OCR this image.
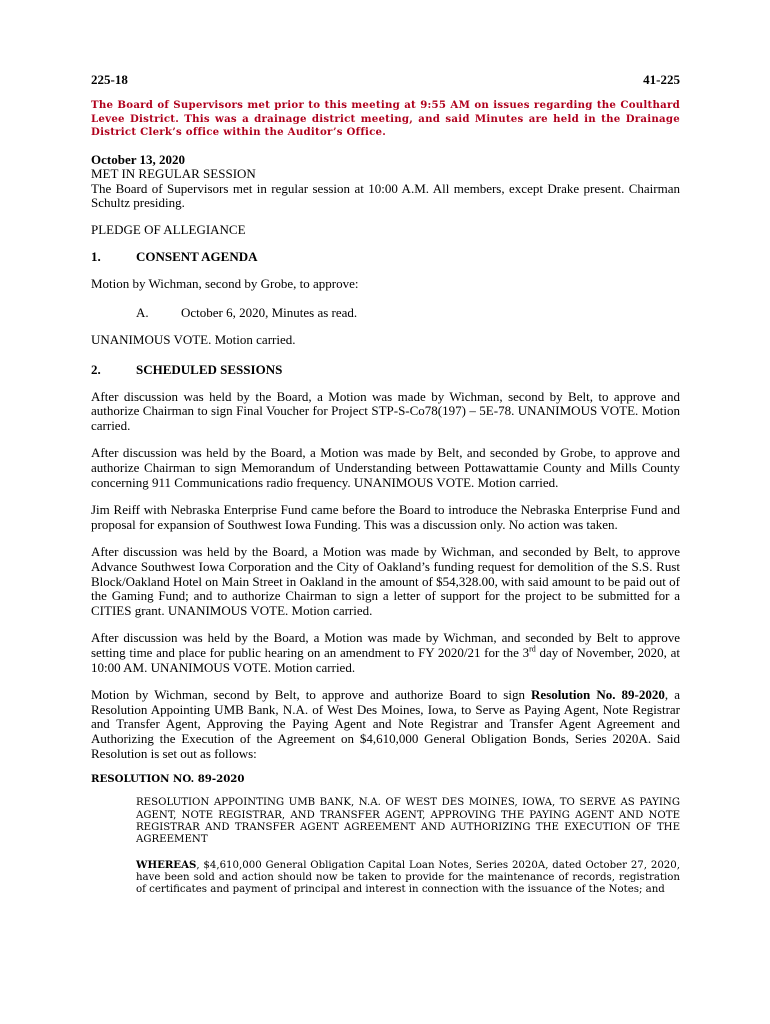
225-18	41-225
The Board of Supervisors met prior to this meeting at 9:55 AM on issues regarding the Coulthard Levee District. This was a drainage district meeting, and said Minutes are held in the Drainage District Clerk’s office within the Auditor’s Office.
October 13, 2020
MET IN REGULAR SESSION
The Board of Supervisors met in regular session at 10:00 A.M. All members, except Drake present. Chairman Schultz presiding.
PLEDGE OF ALLEGIANCE
1.	CONSENT AGENDA
Motion by Wichman, second by Grobe, to approve:
A.	October 6, 2020, Minutes as read.
UNANIMOUS VOTE. Motion carried.
2.	SCHEDULED SESSIONS
After discussion was held by the Board, a Motion was made by Wichman, second by Belt, to approve and authorize Chairman to sign Final Voucher for Project STP-S-Co78(197) – 5E-78. UNANIMOUS VOTE. Motion carried.
After discussion was held by the Board, a Motion was made by Belt, and seconded by Grobe, to approve and authorize Chairman to sign Memorandum of Understanding between Pottawattamie County and Mills County concerning 911 Communications radio frequency. UNANIMOUS VOTE. Motion carried.
Jim Reiff with Nebraska Enterprise Fund came before the Board to introduce the Nebraska Enterprise Fund and proposal for expansion of Southwest Iowa Funding. This was a discussion only. No action was taken.
After discussion was held by the Board, a Motion was made by Wichman, and seconded by Belt, to approve Advance Southwest Iowa Corporation and the City of Oakland’s funding request for demolition of the S.S. Rust Block/Oakland Hotel on Main Street in Oakland in the amount of $54,328.00, with said amount to be paid out of the Gaming Fund; and to authorize Chairman to sign a letter of support for the project to be submitted for a CITIES grant. UNANIMOUS VOTE. Motion carried.
After discussion was held by the Board, a Motion was made by Wichman, and seconded by Belt to approve setting time and place for public hearing on an amendment to FY 2020/21 for the 3rd day of November, 2020, at 10:00 AM. UNANIMOUS VOTE. Motion carried.
Motion by Wichman, second by Belt, to approve and authorize Board to sign Resolution No. 89-2020, a Resolution Appointing UMB Bank, N.A. of West Des Moines, Iowa, to Serve as Paying Agent, Note Registrar and Transfer Agent, Approving the Paying Agent and Note Registrar and Transfer Agent Agreement and Authorizing the Execution of the Agreement on $4,610,000 General Obligation Bonds, Series 2020A. Said Resolution is set out as follows:
RESOLUTION NO. 89-2020
RESOLUTION APPOINTING UMB BANK, N.A. OF WEST DES MOINES, IOWA, TO SERVE AS PAYING AGENT, NOTE REGISTRAR, AND TRANSFER AGENT, APPROVING THE PAYING AGENT AND NOTE REGISTRAR AND TRANSFER AGENT AGREEMENT AND AUTHORIZING THE EXECUTION OF THE AGREEMENT
WHEREAS, $4,610,000 General Obligation Capital Loan Notes, Series 2020A, dated October 27, 2020, have been sold and action should now be taken to provide for the maintenance of records, registration of certificates and payment of principal and interest in connection with the issuance of the Notes; and
